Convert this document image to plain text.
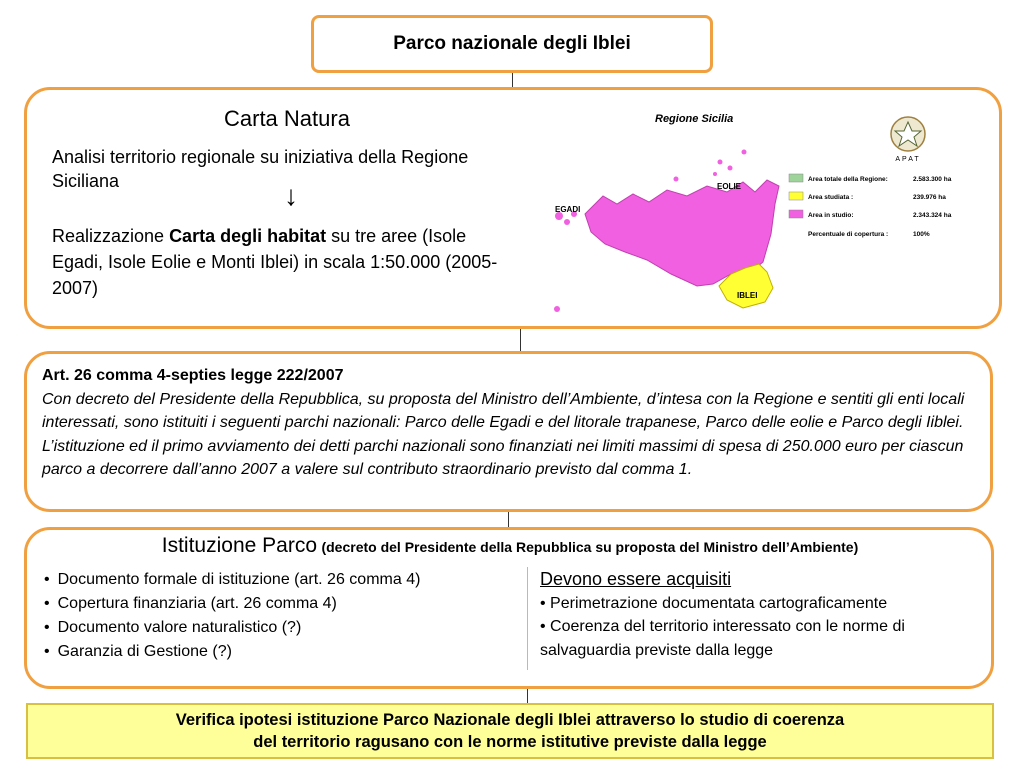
Parco nazionale degli Iblei
Carta Natura
Analisi territorio regionale su iniziativa della Regione Siciliana	↓
Realizzazione Carta degli habitat su tre aree (Isole Egadi, Isole Eolie e Monti Iblei) in scala 1:50.000 (2005-2007)
Regione Sicilia
APAT
EGADI
EOLIE
IBLEI
Area totale della Regione:	2.583.300 ha
Area studiata :	239.976 ha
Area in studio:	2.343.324 ha
Percentuale di copertura :	100%
Art. 26 comma 4-septies legge 222/2007
Con decreto del Presidente della Repubblica, su proposta del Ministro dell’Ambiente, d’intesa con la Regione e sentiti gli enti locali interessati, sono istituiti i seguenti parchi nazionali: Parco delle Egadi e del litorale trapanese, Parco delle eolie e Parco degli Iiblei. L’istituzione ed il primo avviamento dei detti parchi nazionali sono finanziati nei limiti massimi di spesa di 250.000 euro per ciascun parco a decorrere dall’anno 2007 a valere sul contributo straordinario previsto dal comma 1.
Istituzione Parco (decreto del Presidente della Repubblica su proposta del Ministro dell’Ambiente)
• Documento formale di istituzione (art. 26 comma 4)
• Copertura finanziaria (art. 26 comma 4)
• Documento valore naturalistico (?)
• Garanzia di Gestione (?)
Devono essere acquisiti
• Perimetrazione documentata cartograficamente
• Coerenza del territorio interessato con le norme di salvaguardia previste dalla legge
Verifica ipotesi istituzione Parco Nazionale degli Iblei attraverso lo studio di coerenza
del territorio ragusano con le norme istitutive previste dalla legge
